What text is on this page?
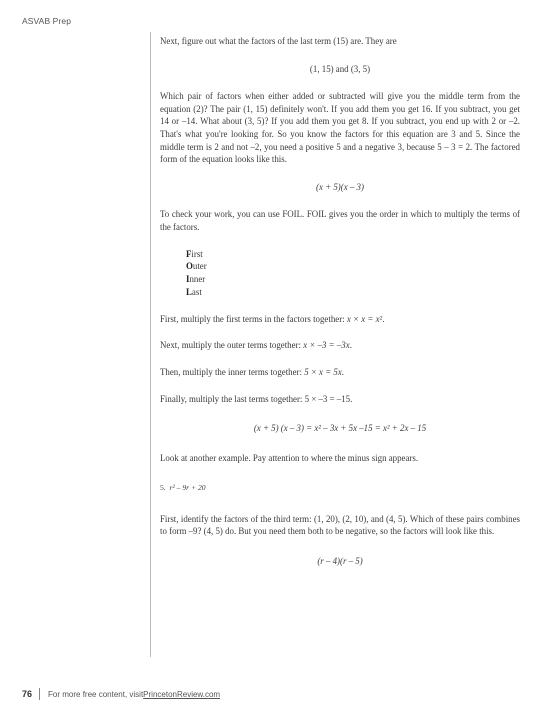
ASVAB Prep

Next, figure out what the factors of the last term (15) are. They are

(1, 15) and (3, 5)

Which pair of factors when either added or subtracted will give you the middle term from the equation (2)? The pair (1, 15) definitely won't. If you add them you get 16. If you subtract, you get 14 or –14. What about (3, 5)? If you add them you get 8. If you subtract, you end up with 2 or –2. That's what you're looking for. So you know the factors for this equation are 3 and 5. Since the middle term is 2 and not –2, you need a positive 5 and a negative 3, because 5 – 3 = 2. The factored form of the equation looks like this.

(x + 5)(x – 3)

To check your work, you can use FOIL. FOIL gives you the order in which to multiply the terms of the factors.

First
Outer
Inner
Last

First, multiply the first terms in the factors together: x × x = x².

Next, multiply the outer terms together: x × –3 = –3x.

Then, multiply the inner terms together: 5 × x = 5x.

Finally, multiply the last terms together: 5 × –3 = –15.

(x + 5) (x – 3) = x² – 3x + 5x –15 = x² + 2x – 15

Look at another example. Pay attention to where the minus sign appears.

5. r² – 9r + 20

First, identify the factors of the third term: (1, 20), (2, 10), and (4, 5). Which of these pairs combines to form –9? (4, 5) do. But you need them both to be negative, so the factors will look like this.

(r – 4)(r – 5)

76 For more free content, visit PrincetonReview.com
